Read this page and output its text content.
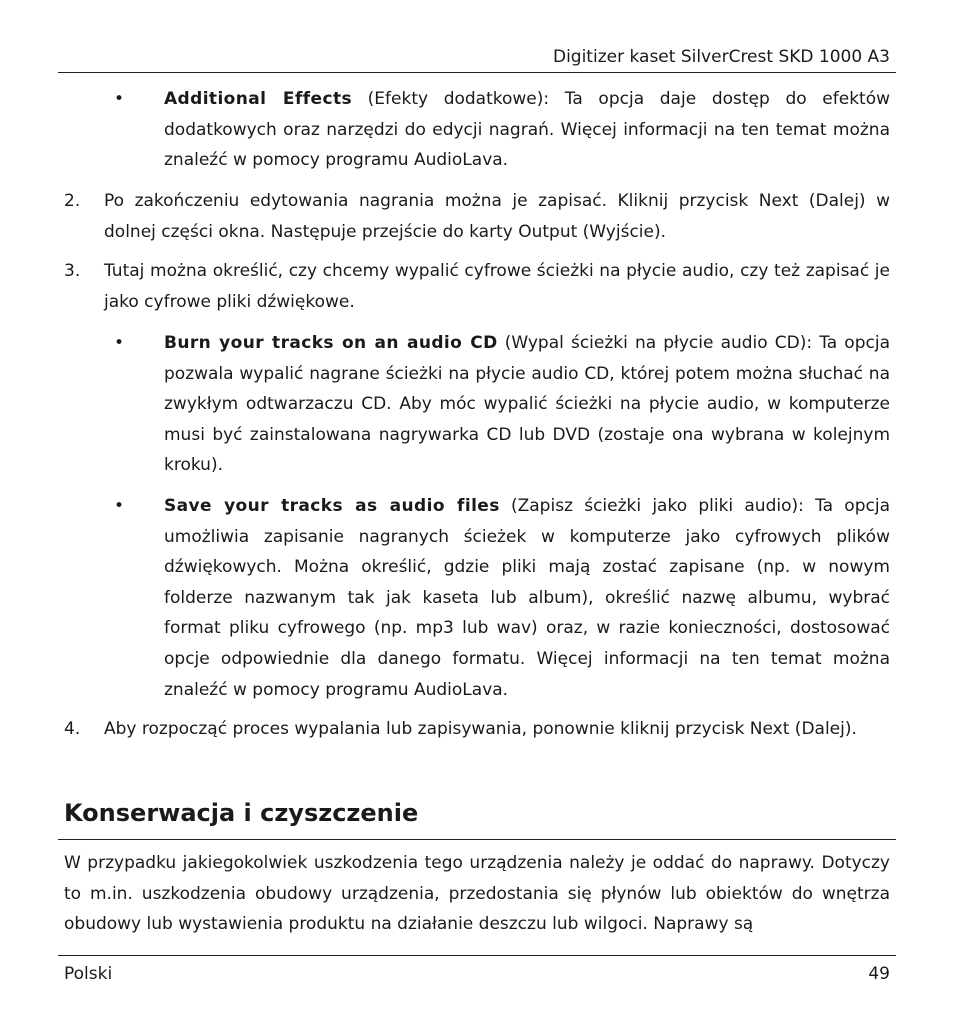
Digitizer kaset SilverCrest SKD 1000 A3
• Additional Effects (Efekty dodatkowe): Ta opcja daje dostęp do efektów dodatkowych oraz narzędzi do edycji nagrań. Więcej informacji na ten temat można znaleźć w pomocy programu AudioLava.
2. Po zakończeniu edytowania nagrania można je zapisać. Kliknij przycisk Next (Dalej) w dolnej części okna. Następuje przejście do karty Output (Wyjście).
3. Tutaj można określić, czy chcemy wypalić cyfrowe ścieżki na płycie audio, czy też zapisać je jako cyfrowe pliki dźwiękowe.
• Burn your tracks on an audio CD (Wypal ścieżki na płycie audio CD): Ta opcja pozwala wypalić nagrane ścieżki na płycie audio CD, której potem można słuchać na zwykłym odtwarzaczu CD. Aby móc wypalić ścieżki na płycie audio, w komputerze musi być zainstalowana nagrywarka CD lub DVD (zostaje ona wybrana w kolejnym kroku).
• Save your tracks as audio files (Zapisz ścieżki jako pliki audio): Ta opcja umożliwia zapisanie nagranych ścieżek w komputerze jako cyfrowych plików dźwiękowych. Można określić, gdzie pliki mają zostać zapisane (np. w nowym folderze nazwanym tak jak kaseta lub album), określić nazwę albumu, wybrać format pliku cyfrowego (np. mp3 lub wav) oraz, w razie konieczności, dostosować opcje odpowiednie dla danego formatu. Więcej informacji na ten temat można znaleźć w pomocy programu AudioLava.
4. Aby rozpocząć proces wypalania lub zapisywania, ponownie kliknij przycisk Next (Dalej).
Konserwacja i czyszczenie
W przypadku jakiegokolwiek uszkodzenia tego urządzenia należy je oddać do naprawy. Dotyczy to m.in. uszkodzenia obudowy urządzenia, przedostania się płynów lub obiektów do wnętrza obudowy lub wystawienia produktu na działanie deszczu lub wilgoci. Naprawy są
Polski	49
